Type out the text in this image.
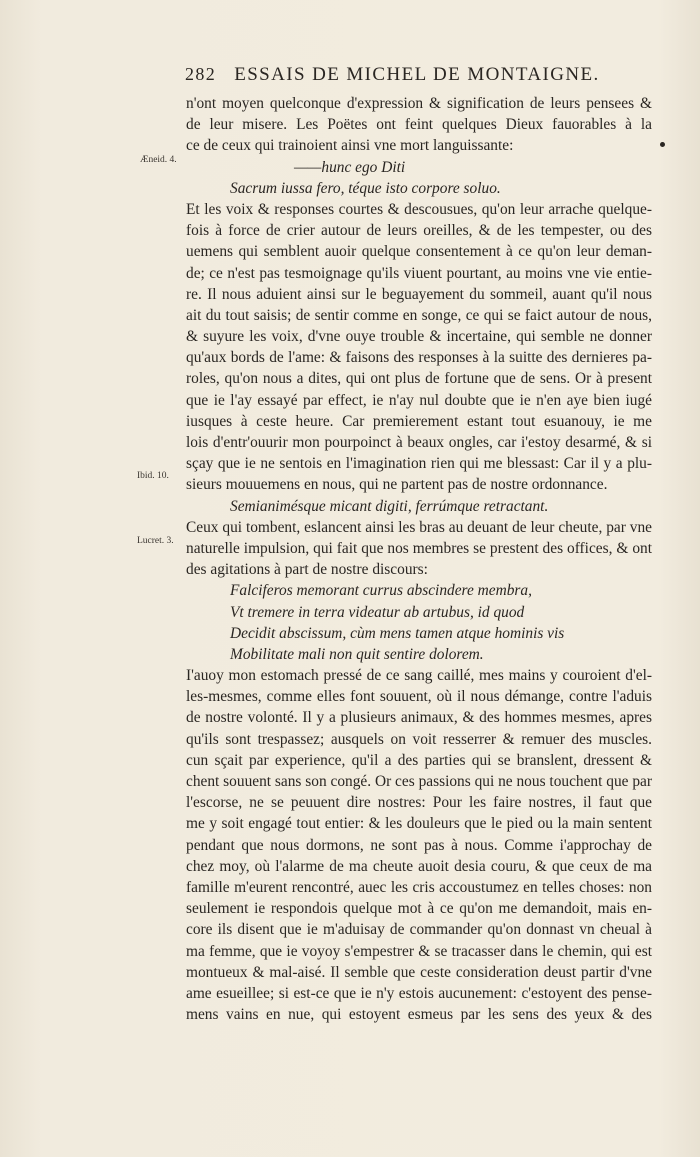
282 ESSAIS DE MICHEL DE MONTAIGNE.
Æneid. 4.
Ibid. 10.
Lucret. 3.
n'ont moyen quelconque d'expression & signification de leurs pensees &
de leur misere. Les Poëtes ont feint quelques Dieux fauorables à la
ce de ceux qui trainoient ainsi vne mort languissante:
——hunc ego Diti
Sacrum iussa fero, téque isto corpore soluo.
Et les voix & responses courtes & descousues, qu'on leur arrache quelque-
fois à force de crier autour de leurs oreilles, & de les tempester, ou des
uemens qui semblent auoir quelque consentement à ce qu'on leur deman-
de; ce n'est pas tesmoignage qu'ils viuent pourtant, au moins vne vie entie-
re. Il nous aduient ainsi sur le beguayement du sommeil, auant qu'il nous
ait du tout saisis; de sentir comme en songe, ce qui se faict autour de nous,
& suyure les voix, d'vne ouye trouble & incertaine, qui semble ne donner
qu'aux bords de l'ame: & faisons des responses à la suitte des dernieres pa-
roles, qu'on nous a dites, qui ont plus de fortune que de sens. Or à present
que ie l'ay essayé par effect, ie n'ay nul doubte que ie n'en aye bien iugé
iusques à ceste heure. Car premierement estant tout esuanouy, ie me
lois d'entr'ouurir mon pourpoinct à beaux ongles, car i'estoy desarmé, & si
sçay que ie ne sentois en l'imagination rien qui me blessast: Car il y a plu-
sieurs mouuemens en nous, qui ne partent pas de nostre ordonnance.
Semianimésque micant digiti, ferrúmque retractant.
Ceux qui tombent, eslancent ainsi les bras au deuant de leur cheute, par vne
naturelle impulsion, qui fait que nos membres se prestent des offices, & ont
des agitations à part de nostre discours:
Falciferos memorant currus abscindere membra,
Vt tremere in terra videatur ab artubus, id quod
Decidit abscissum, cùm mens tamen atque hominis vis
Mobilitate mali non quit sentire dolorem.
I'auoy mon estomach pressé de ce sang caillé, mes mains y couroient d'el-
les-mesmes, comme elles font souuent, où il nous démange, contre l'aduis
de nostre volonté. Il y a plusieurs animaux, & des hommes mesmes, apres
qu'ils sont trespassez; ausquels on voit resserrer & remuer des muscles.
cun sçait par experience, qu'il a des parties qui se branslent, dressent &
chent souuent sans son congé. Or ces passions qui ne nous touchent que par
l'escorse, ne se peuuent dire nostres: Pour les faire nostres, il faut que
me y soit engagé tout entier: & les douleurs que le pied ou la main sentent
pendant que nous dormons, ne sont pas à nous. Comme i'approchay de
chez moy, où l'alarme de ma cheute auoit desia couru, & que ceux de ma
famille m'eurent rencontré, auec les cris accoustumez en telles choses: non
seulement ie respondois quelque mot à ce qu'on me demandoit, mais en-
core ils disent que ie m'aduisay de commander qu'on donnast vn cheual à
ma femme, que ie voyoy s'empestrer & se tracasser dans le chemin, qui est
montueux & mal-aisé. Il semble que ceste consideration deust partir d'vne
ame esueillee; si est-ce que ie n'y estois aucunement: c'estoyent des pense-
mens vains en nue, qui estoyent esmeus par les sens des yeux & des
